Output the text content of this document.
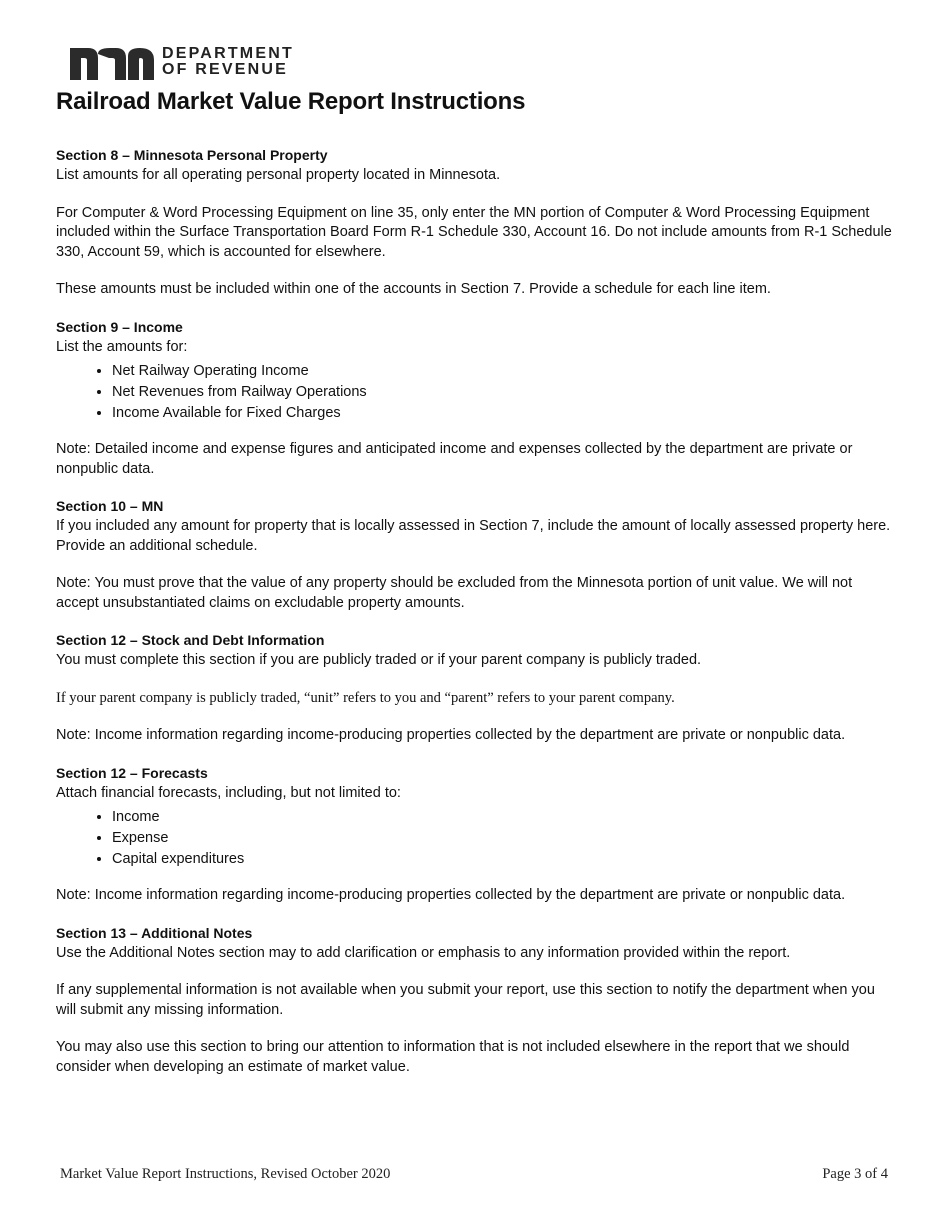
DEPARTMENT
OF REVENUE
Railroad Market Value Report Instructions
Section 8 – Minnesota Personal Property

List amounts for all operating personal property located in Minnesota.

For Computer & Word Processing Equipment on line 35, only enter the MN portion of Computer & Word Processing Equipment included within the Surface Transportation Board Form R-1 Schedule 330, Account 16. Do not include amounts from R-1 Schedule 330, Account 59, which is accounted for elsewhere.

These amounts must be included within one of the accounts in Section 7. Provide a schedule for each line item.

Section 9 – Income

List the amounts for:

• Net Railway Operating Income
• Net Revenues from Railway Operations
• Income Available for Fixed Charges

Note: Detailed income and expense figures and anticipated income and expenses collected by the department are private or nonpublic data.

Section 10 – MN

If you included any amount for property that is locally assessed in Section 7, include the amount of locally assessed property here. Provide an additional schedule.

Note: You must prove that the value of any property should be excluded from the Minnesota portion of unit value. We will not accept unsubstantiated claims on excludable property amounts.

Section 12 – Stock and Debt Information

You must complete this section if you are publicly traded or if your parent company is publicly traded.

If your parent company is publicly traded, “unit” refers to you and “parent” refers to your parent company.

Note: Income information regarding income-producing properties collected by the department are private or nonpublic data.

Section 12 – Forecasts

Attach financial forecasts, including, but not limited to:

• Income
• Expense
• Capital expenditures

Note: Income information regarding income-producing properties collected by the department are private or nonpublic data.

Section 13 – Additional Notes

Use the Additional Notes section may to add clarification or emphasis to any information provided within the report.

If any supplemental information is not available when you submit your report, use this section to notify the department when you will submit any missing information.

You may also use this section to bring our attention to information that is not included elsewhere in the report that we should consider when developing an estimate of market value.

Market Value Report Instructions, Revised October 2020	Page 3 of 4
